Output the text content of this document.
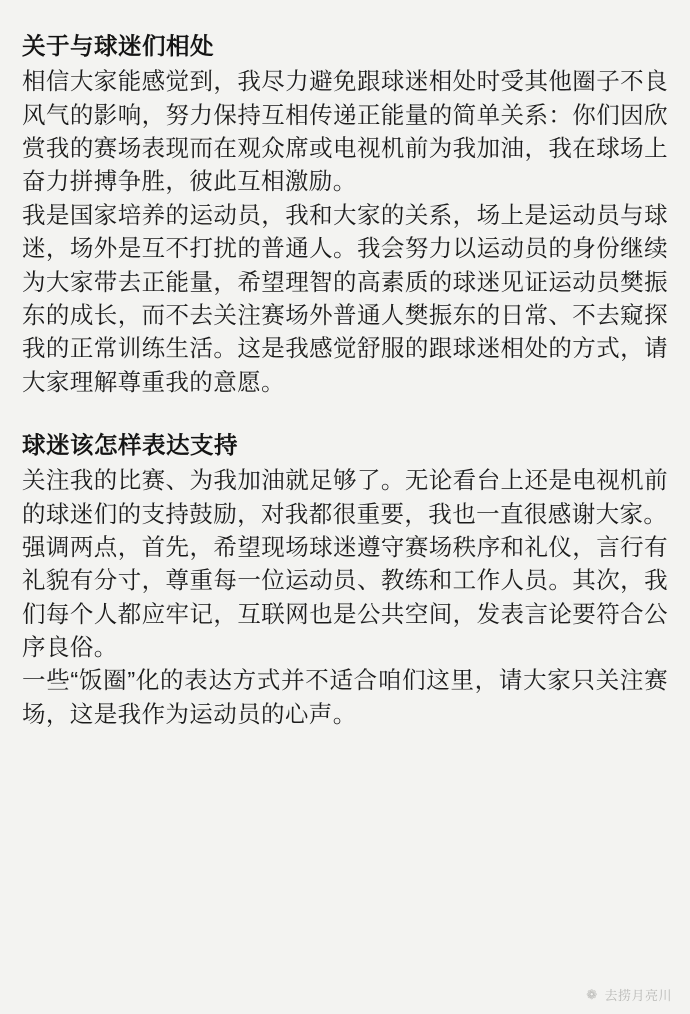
关于与球迷们相处

相信大家能感觉到，我尽力避免跟球迷相处时受其他圈子不良风气的影响，努力保持互相传递正能量的简单关系：你们因欣赏我的赛场表现而在观众席或电视机前为我加油，我在球场上奋力拼搏争胜，彼此互相激励。

我是国家培养的运动员，我和大家的关系，场上是运动员与球迷，场外是互不打扰的普通人。我会努力以运动员的身份继续为大家带去正能量，希望理智的高素质的球迷见证运动员樊振东的成长，而不去关注赛场外普通人樊振东的日常、不去窥探我的正常训练生活。这是我感觉舒服的跟球迷相处的方式，请大家理解尊重我的意愿。

球迷该怎样表达支持

关注我的比赛、为我加油就足够了。无论看台上还是电视机前的球迷们的支持鼓励，对我都很重要，我也一直很感谢大家。

强调两点，首先，希望现场球迷遵守赛场秩序和礼仪，言行有礼貌有分寸，尊重每一位运动员、教练和工作人员。其次，我们每个人都应牢记，互联网也是公共空间，发表言论要符合公序良俗。

一些“饭圈”化的表达方式并不适合咱们这里，请大家只关注赛场，这是我作为运动员的心声。

❁ 去捞月亮川
